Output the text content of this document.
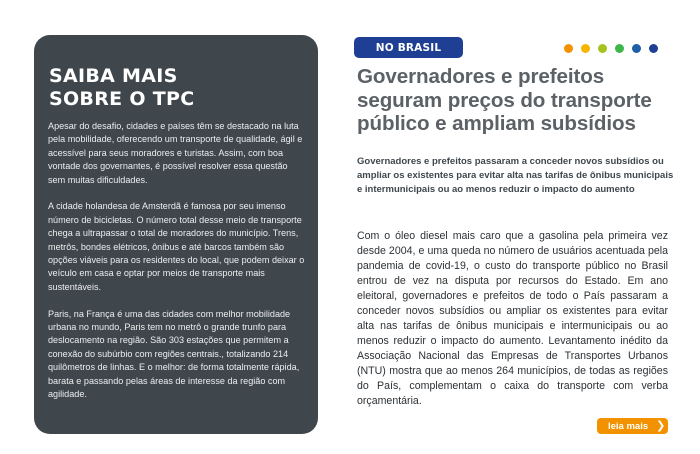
SAIBA MAIS
SOBRE O TPC

Apesar do desafio, cidades e países têm se destacado na luta pela mobilidade, oferecendo um transporte de qualidade, ágil e acessível para seus moradores e turistas. Assim, com boa vontade dos governantes, é possível resolver essa questão sem muitas dificuldades.

A cidade holandesa de Amsterdã é famosa por seu imenso número de bicicletas. O número total desse meio de transporte chega a ultrapassar o total de moradores do município. Trens, metrôs, bondes elétricos, ônibus e até barcos também são opções viáveis para os residentes do local, que podem deixar o veículo em casa e optar por meios de transporte mais sustentáveis.

Paris, na França é uma das cidades com melhor mobilidade urbana no mundo, Paris tem no metrô o grande trunfo para deslocamento na região. São 303 estações que permitem a conexão do subúrbio com regiões centrais., totalizando 214 quilômetros de linhas. E o melhor: de forma totalmente rápida, barata e passando pelas áreas de interesse da região com agilidade.

NO BRASIL
Governadores e prefeitos seguram preços do transporte público e ampliam subsídios

Governadores e prefeitos passaram a conceder novos subsídios ou ampliar os existentes para evitar alta nas tarifas de ônibus municipais e intermunicipais ou ao menos reduzir o impacto do aumento

Com o óleo diesel mais caro que a gasolina pela primeira vez desde 2004, e uma queda no número de usuários acentuada pela pandemia de covid-19, o custo do transporte público no Brasil entrou de vez na disputa por recursos do Estado. Em ano eleitoral, governadores e prefeitos de todo o País passaram a conceder novos subsídios ou ampliar os existentes para evitar alta nas tarifas de ônibus municipais e intermunicipais ou ao menos reduzir o impacto do aumento. Levantamento inédito da Associação Nacional das Empresas de Transportes Urbanos (NTU) mostra que ao menos 264 municípios, de todas as regiões do País, complementam o caixa do transporte com verba orçamentária.

leia mais ❯
